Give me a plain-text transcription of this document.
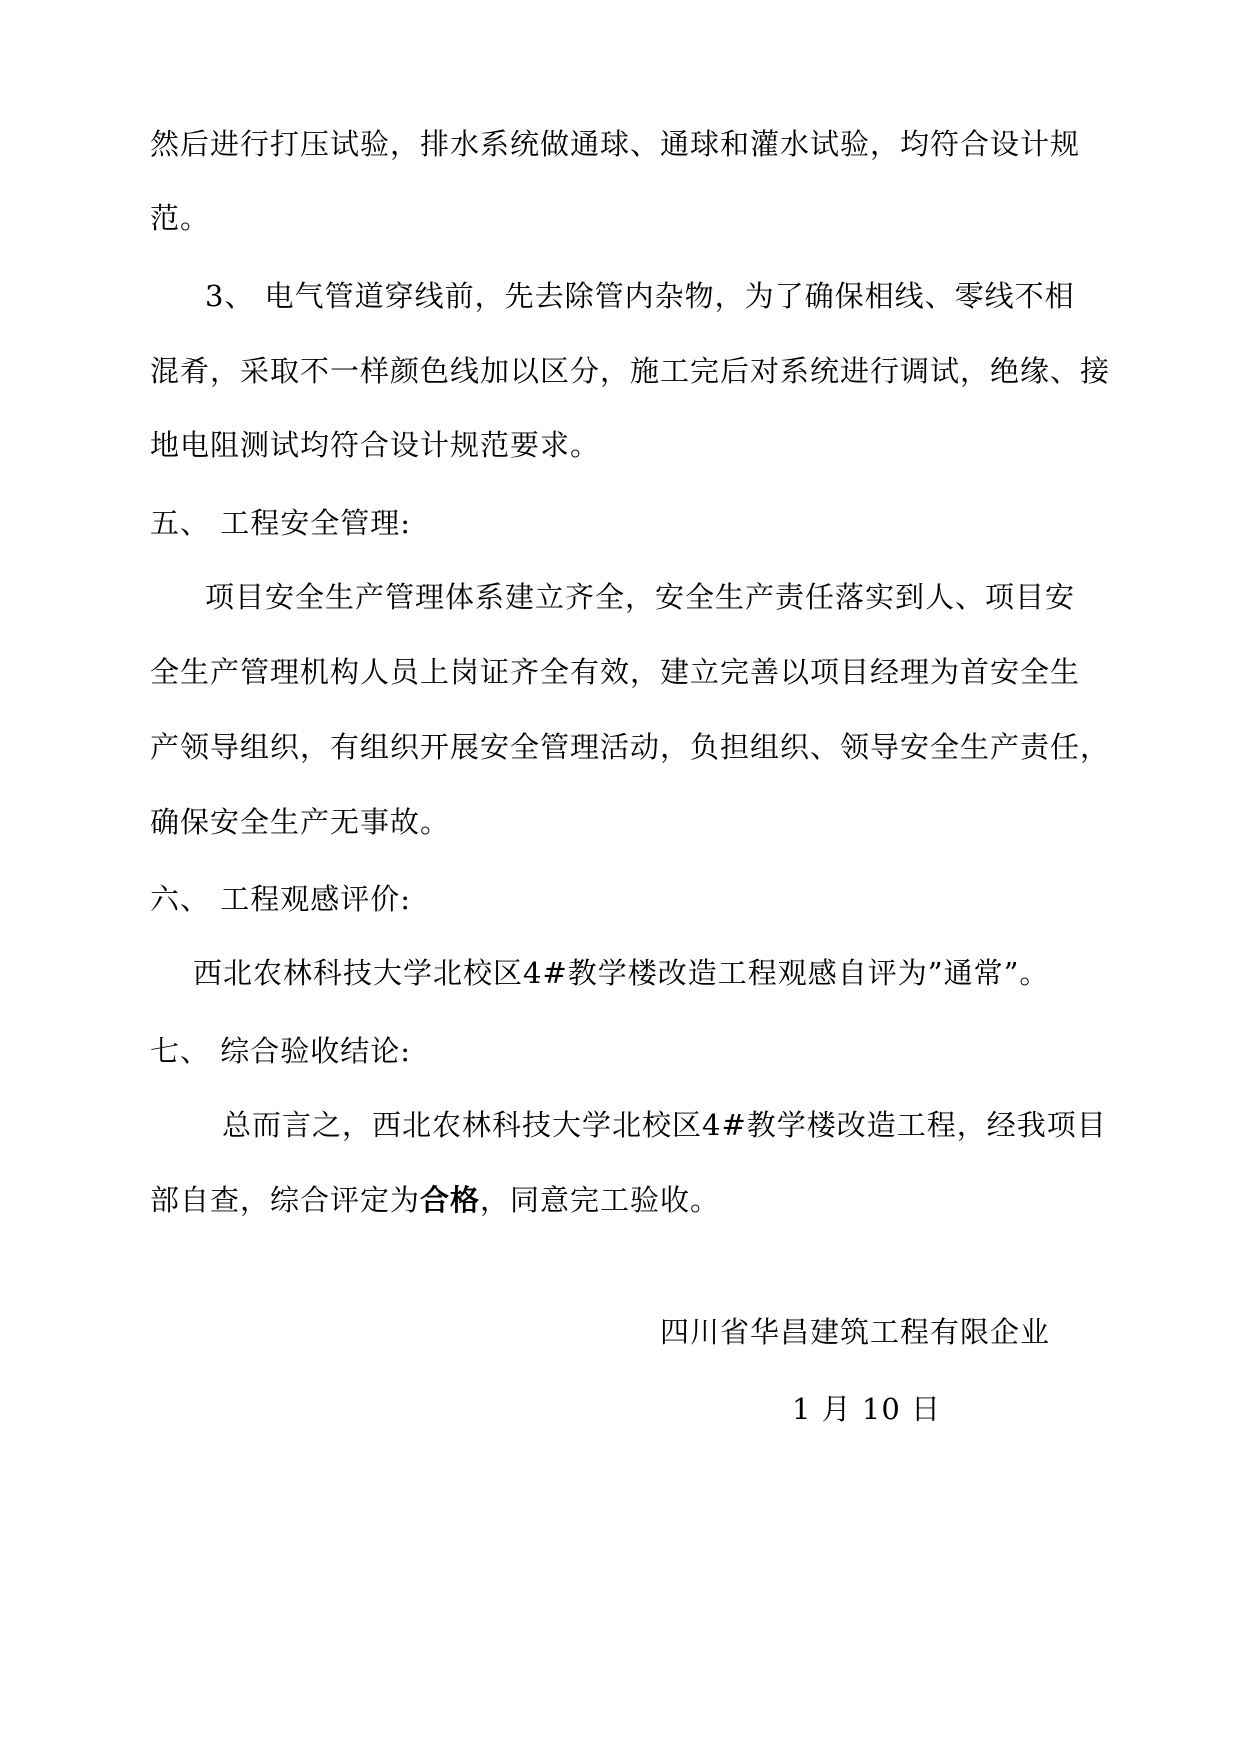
然后进行打压试验，排水系统做通球、通球和灌水试验，均符合设计规
范。
3、 电气管道穿线前，先去除管内杂物，为了确保相线、零线不相
混肴，采取不一样颜色线加以区分，施工完后对系统进行调试，绝缘、接
地电阻测试均符合设计规范要求。
五、 工程安全管理:
项目安全生产管理体系建立齐全，安全生产责任落实到人、项目安
全生产管理机构人员上岗证齐全有效，建立完善以项目经理为首安全生
产领导组织，有组织开展安全管理活动，负担组织、领导安全生产责任，
确保安全生产无事故。
六、 工程观感评价:
西北农林科技大学北校区4#教学楼改造工程观感自评为”通常”。
七、 综合验收结论:
总而言之，西北农林科技大学北校区4#教学楼改造工程，经我项目
部自查，综合评定为合格，同意完工验收。
四川省华昌建筑工程有限企业
1 月 10 日
